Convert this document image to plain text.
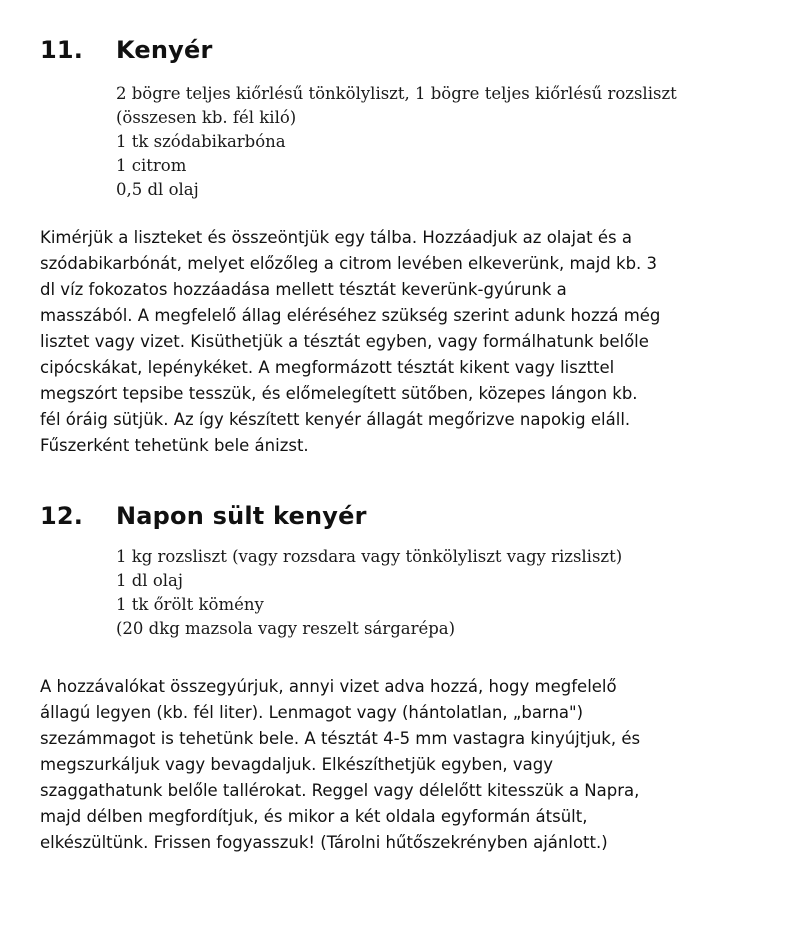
11.	Kenyér
2 bögre teljes kiőrlésű tönkölyliszt, 1 bögre teljes kiőrlésű rozsliszt
(összesen kb. fél kiló)
1 tk szódabikarbóna
1 citrom
0,5 dl olaj
Kimérjük a liszteket és összeöntjük egy tálba. Hozzáadjuk az olajat és a
szódabikarbónát, melyet előzőleg a citrom levében elkeverünk, majd kb. 3
dl víz fokozatos hozzáadása mellett tésztát keverünk-gyúrunk a
masszából. A megfelelő állag eléréséhez szükség szerint adunk hozzá még
lisztet vagy vizet. Kisüthetjük a tésztát egyben, vagy formálhatunk belőle
cipócskákat, lepénykéket. A megformázott tésztát kikent vagy liszttel
megszórt tepsibe tesszük, és előmelegített sütőben, közepes lángon kb.
fél óráig sütjük. Az így készített kenyér állagát megőrizve napokig eláll.
Fűszerként tehetünk bele ánizst.
12.	Napon sült kenyér
1 kg rozsliszt (vagy rozsdara vagy tönkölyliszt vagy rizsliszt)
1 dl olaj
1 tk őrölt kömény
(20 dkg mazsola vagy reszelt sárgarépa)
A hozzávalókat összegyúrjuk, annyi vizet adva hozzá, hogy megfelelő
állagú legyen (kb. fél liter). Lenmagot vagy (hántolatlan, „barna")
szezámmagot is tehetünk bele. A tésztát 4-5 mm vastagra kinyújtjuk, és
megszurkáljuk vagy bevagdaljuk. Elkészíthetjük egyben, vagy
szaggathatunk belőle tallérokat. Reggel vagy délelőtt kitesszük a Napra,
majd délben megfordítjuk, és mikor a két oldala egyformán átsült,
elkészültünk. Frissen fogyasszuk! (Tárolni hűtőszekrényben ajánlott.)
